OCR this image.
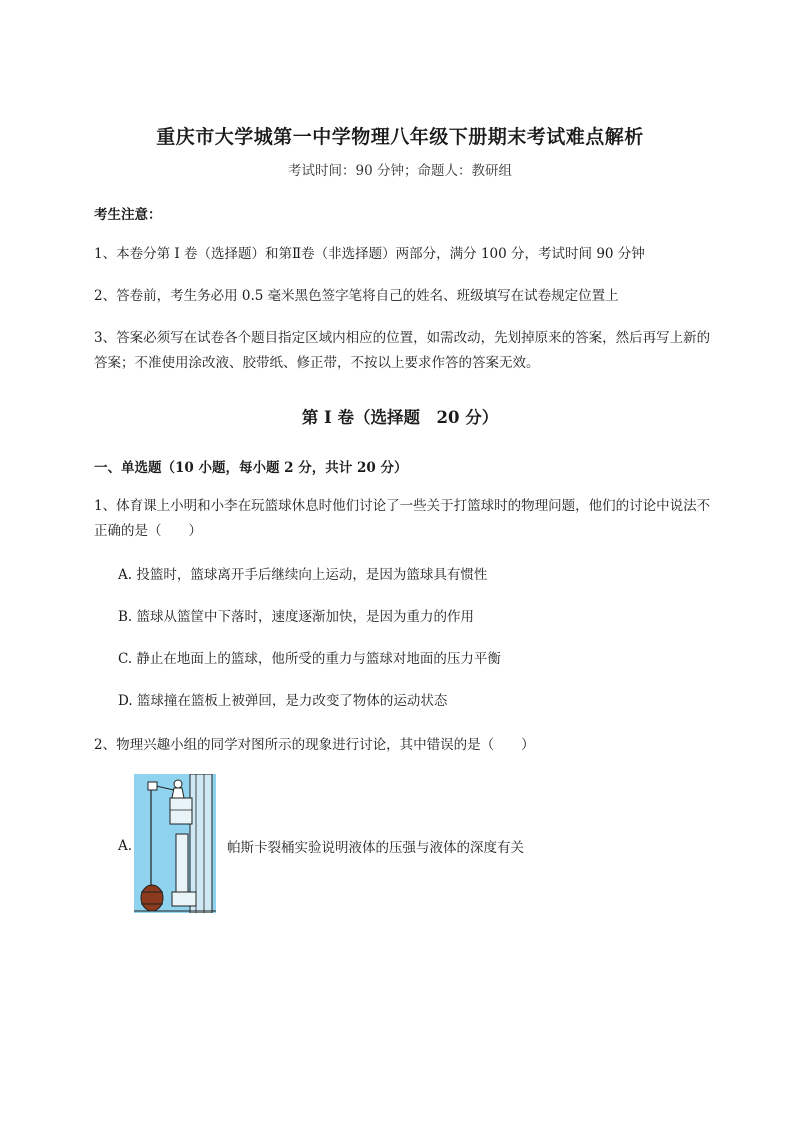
重庆市大学城第一中学物理八年级下册期末考试难点解析
考试时间：90 分钟；命题人：教研组
考生注意：
1、本卷分第 I 卷（选择题）和第Ⅱ卷（非选择题）两部分，满分 100 分，考试时间 90 分钟
2、答卷前，考生务必用 0.5 毫米黑色签字笔将自己的姓名、班级填写在试卷规定位置上
3、答案必须写在试卷各个题目指定区域内相应的位置，如需改动，先划掉原来的答案，然后再写上新的答案；不准使用涂改液、胶带纸、修正带，不按以上要求作答的答案无效。
第 I 卷（选择题　20 分）
一、单选题（10 小题，每小题 2 分，共计 20 分）
1、体育课上小明和小李在玩篮球休息时他们讨论了一些关于打篮球时的物理问题，他们的讨论中说法不正确的是（　　）
A. 投篮时，篮球离开手后继续向上运动，是因为篮球具有惯性
B. 篮球从篮筐中下落时，速度逐渐加快，是因为重力的作用
C. 静止在地面上的篮球，他所受的重力与篮球对地面的压力平衡
D. 篮球撞在篮板上被弹回，是力改变了物体的运动状态
2、物理兴趣小组的同学对图所示的现象进行讨论，其中错误的是（　　）
A.	帕斯卡裂桶实验说明液体的压强与液体的深度有关
